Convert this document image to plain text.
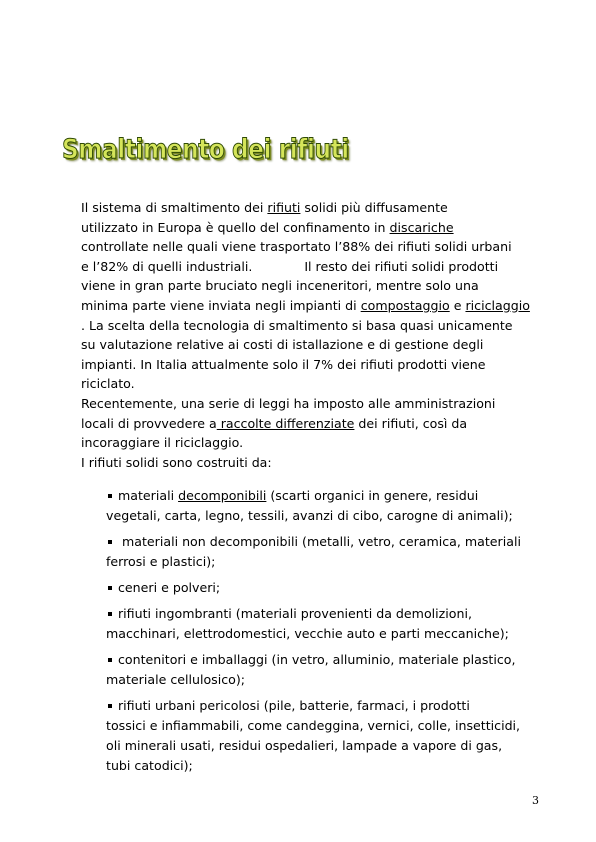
Smaltimento dei rifiuti
Il sistema di smaltimento dei rifiuti solidi più diffusamente
utilizzato in Europa è quello del confinamento in discariche
controllate nelle quali viene trasportato l’88% dei rifiuti solidi urbani
e l’82% di quelli industriali.	Il resto dei rifiuti solidi prodotti
viene in gran parte bruciato negli inceneritori, mentre solo una
minima parte viene inviata negli impianti di compostaggio e riciclaggio
. La scelta della tecnologia di smaltimento si basa quasi unicamente
su valutazione relative ai costi di istallazione e di gestione degli
impianti. In Italia attualmente solo il 7% dei rifiuti prodotti viene
riciclato.
Recentemente, una serie di leggi ha imposto alle amministrazioni
locali di provvedere a raccolte differenziate dei rifiuti, così da
incoraggiare il riciclaggio.
I rifiuti solidi sono costruiti da:
materiali decomponibili (scarti organici in genere, residui
vegetali, carta, legno, tessili, avanzi di cibo, carogne di animali);
materiali non decomponibili (metalli, vetro, ceramica, materiali
ferrosi e plastici);
ceneri e polveri;
rifiuti ingombranti (materiali provenienti da demolizioni,
macchinari, elettrodomestici, vecchie auto e parti meccaniche);
contenitori e imballaggi (in vetro, alluminio, materiale plastico,
materiale cellulosico);
rifiuti urbani pericolosi (pile, batterie, farmaci, i prodotti
tossici e infiammabili, come candeggina, vernici, colle, insetticidi,
oli minerali usati, residui ospedalieri, lampade a vapore di gas,
tubi catodici);
3
